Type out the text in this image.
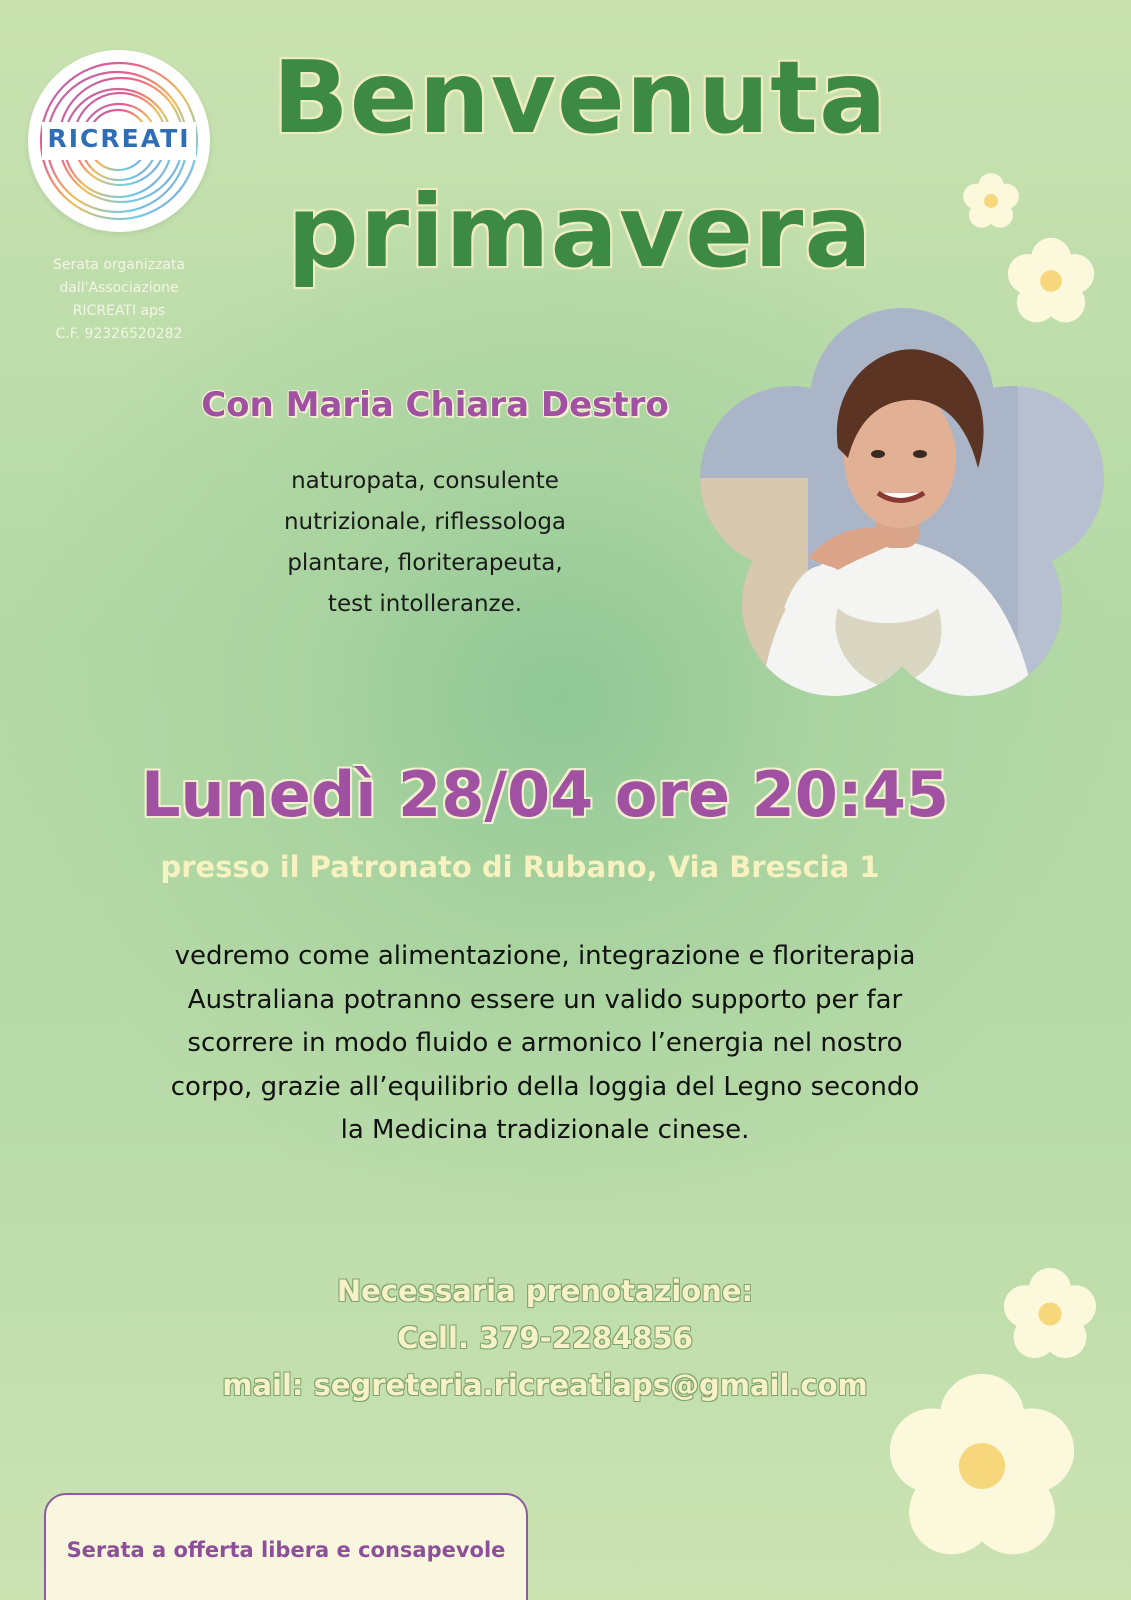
RICREATI
Serata organizzata
dall'Associazione
RICREATI aps
C.F. 92326520282
Benvenuta
primavera
Con Maria Chiara Destro
naturopata, consulente
nutrizionale, riflessologa
plantare, floriterapeuta,
test intolleranze.
Lunedì 28/04 ore 20:45
presso il Patronato di Rubano, Via Brescia 1
vedremo come alimentazione, integrazione e floriterapia
Australiana potranno essere un valido supporto per far
scorrere in modo fluido e armonico l’energia nel nostro
corpo, grazie all’equilibrio della loggia del Legno secondo
la Medicina tradizionale cinese.
Necessaria prenotazione:
Cell. 379-2284856
mail: segreteria.ricreatiaps@gmail.com
Serata a offerta libera e consapevole
